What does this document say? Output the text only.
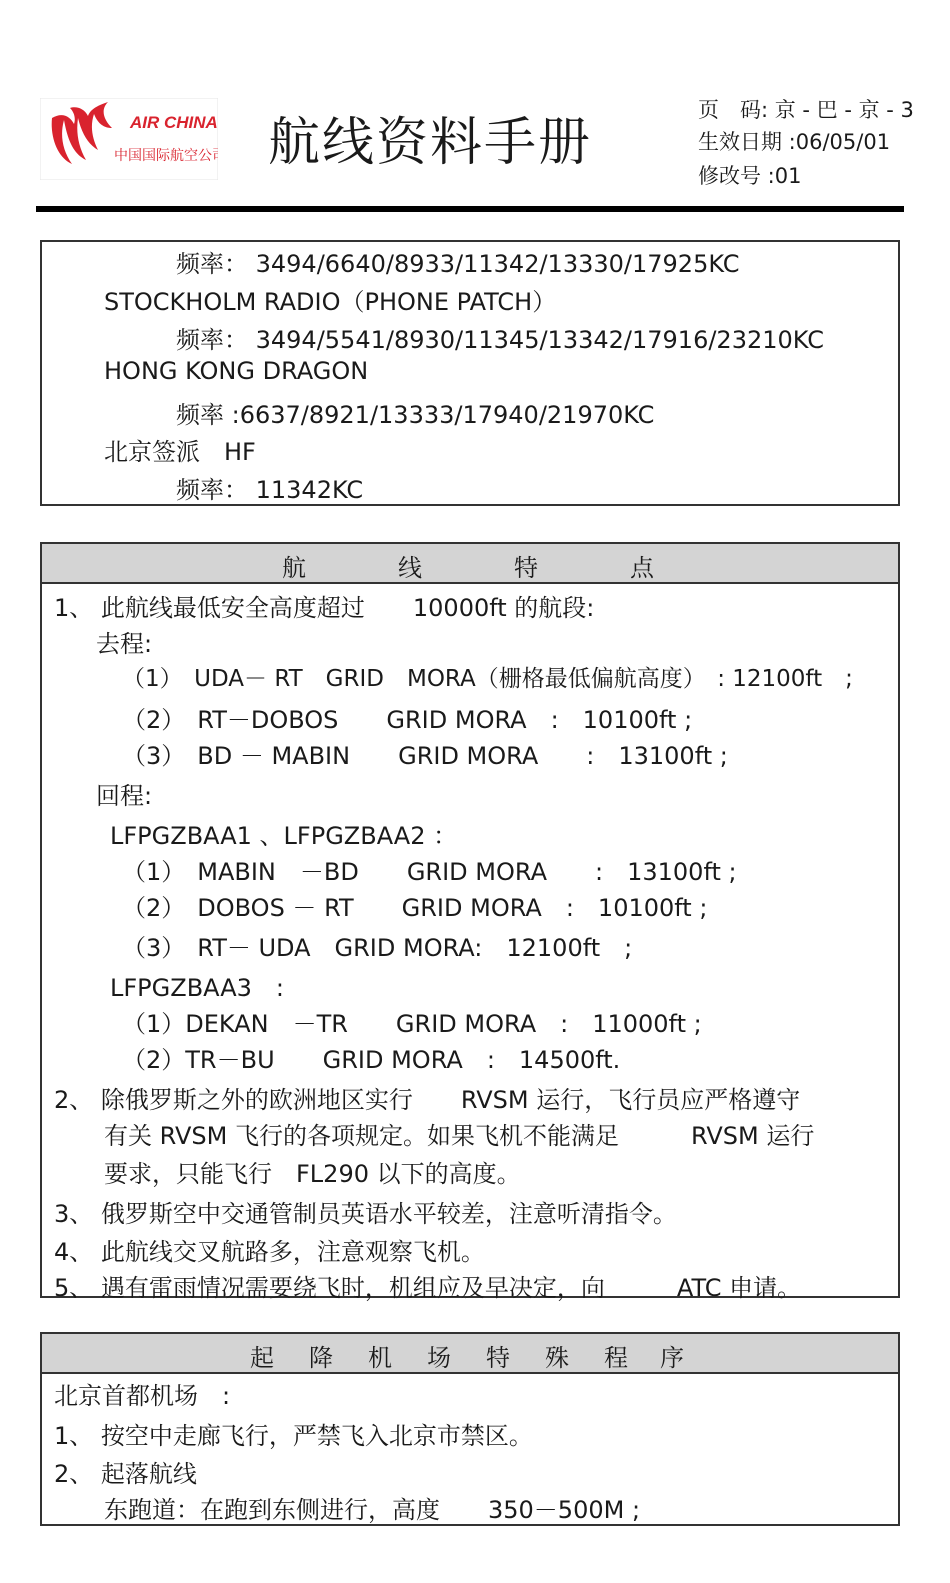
AIR CHINA
中国国际航空公司 航线资料手册
页　码: 京 - 巴 - 京 - 3
生效日期 :06/05/01
修改号 :01
频率： 3494/6640/8933/11342/13330/17925KC
STOCKHOLM RADIO（PHONE PATCH）
频率： 3494/5541/8930/11345/13342/17916/23210KC
HONG KONG DRAGON
频率 :6637/8921/13333/17940/21970KC
北京签派　HF
频率： 11342KC
航	线	特	点
1、 此航线最低安全高度超过　　10000ft 的航段:
去程:
（1）　UDA－ RT　GRID　MORA（栅格最低偏航高度）　: 12100ft　;
（2）　RT－DOBOS　　GRID MORA　:　10100ft ;
（3）　BD － MABIN　　GRID MORA　　:　13100ft ;
回程:
LFPGZBAA1 、LFPGZBAA2 ：
（1）　MABIN　－BD　　GRID MORA　　:　13100ft ;
（2）　DOBOS － RT　　GRID MORA　:　10100ft ;
（3）　RT－ UDA　GRID MORA:　12100ft　;
LFPGZBAA3　:
（1）DEKAN　－TR　　GRID MORA　:　11000ft ;
（2）TR－BU　　GRID MORA　:　14500ft.
2、 除俄罗斯之外的欧洲地区实行　　RVSM 运行，飞行员应严格遵守
有关 RVSM 飞行的各项规定。如果飞机不能满足　　　RVSM 运行
要求，只能飞行　FL290 以下的高度。
3、 俄罗斯空中交通管制员英语水平较差，注意听清指令。
4、 此航线交叉航路多，注意观察飞机。
5、 遇有雷雨情况需要绕飞时，机组应及早决定，向　　　ATC 申请。
起 降 机 场 特 殊 程 序
北京首都机场　:
1、 按空中走廊飞行，严禁飞入北京市禁区。
2、 起落航线
东跑道：在跑到东侧进行，高度　　350－500M ;
